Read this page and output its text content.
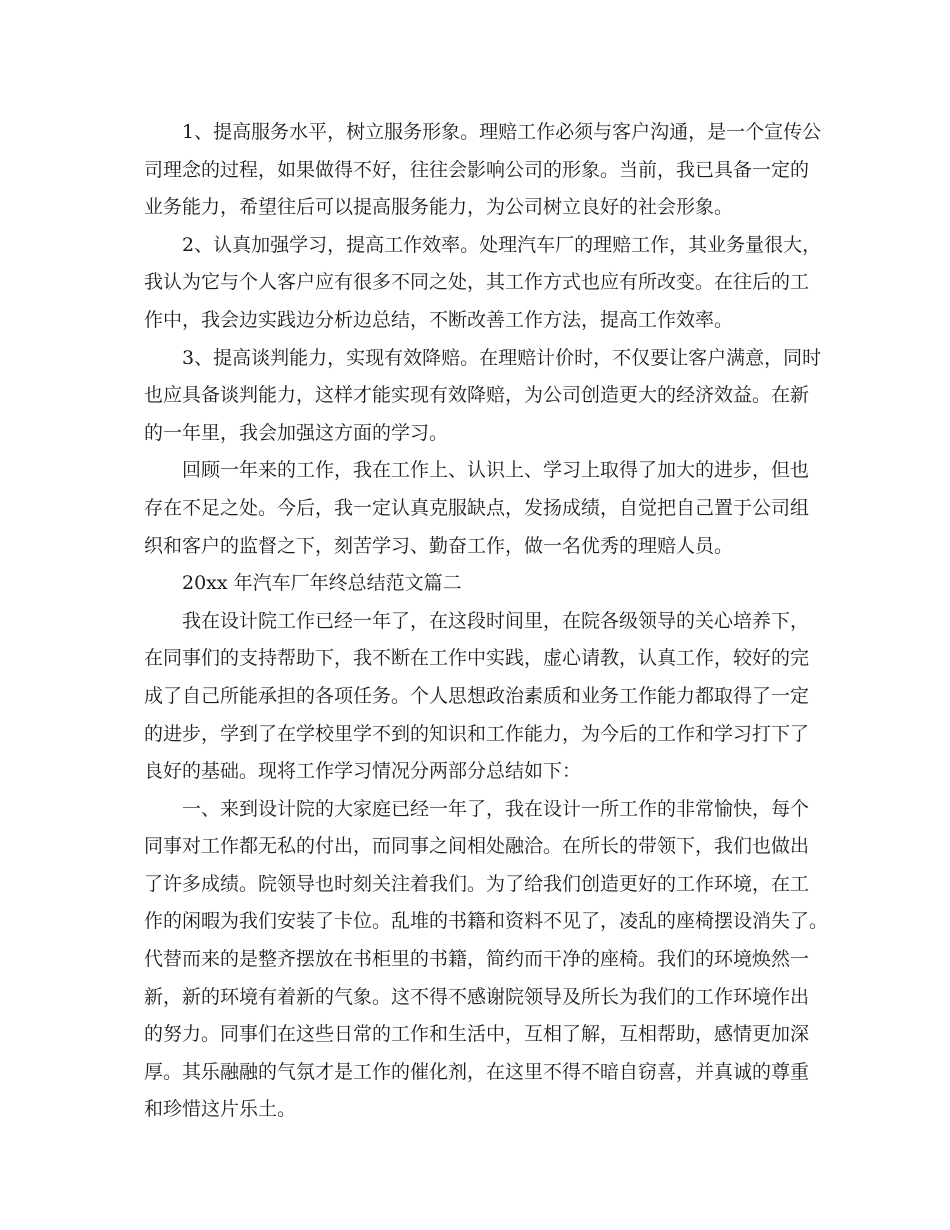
1、提高服务水平，树立服务形象。理赔工作必须与客户沟通，是一个宣传公
司理念的过程，如果做得不好，往往会影响公司的形象。当前，我已具备一定的
业务能力，希望往后可以提高服务能力，为公司树立良好的社会形象。
2、认真加强学习，提高工作效率。处理汽车厂的理赔工作，其业务量很大，
我认为它与个人客户应有很多不同之处，其工作方式也应有所改变。在往后的工
作中，我会边实践边分析边总结，不断改善工作方法，提高工作效率。
3、提高谈判能力，实现有效降赔。在理赔计价时，不仅要让客户满意，同时
也应具备谈判能力，这样才能实现有效降赔，为公司创造更大的经济效益。在新
的一年里，我会加强这方面的学习。
回顾一年来的工作，我在工作上、认识上、学习上取得了加大的进步，但也
存在不足之处。今后，我一定认真克服缺点，发扬成绩，自觉把自己置于公司组
织和客户的监督之下，刻苦学习、勤奋工作，做一名优秀的理赔人员。
20xx 年汽车厂年终总结范文篇二
我在设计院工作已经一年了，在这段时间里，在院各级领导的关心培养下，
在同事们的支持帮助下，我不断在工作中实践，虚心请教，认真工作，较好的完
成了自己所能承担的各项任务。个人思想政治素质和业务工作能力都取得了一定
的进步，学到了在学校里学不到的知识和工作能力，为今后的工作和学习打下了
良好的基础。现将工作学习情况分两部分总结如下：
一、来到设计院的大家庭已经一年了，我在设计一所工作的非常愉快，每个
同事对工作都无私的付出，而同事之间相处融洽。在所长的带领下，我们也做出
了许多成绩。院领导也时刻关注着我们。为了给我们创造更好的工作环境，在工
作的闲暇为我们安装了卡位。乱堆的书籍和资料不见了，凌乱的座椅摆设消失了。
代替而来的是整齐摆放在书柜里的书籍，简约而干净的座椅。我们的环境焕然一
新，新的环境有着新的气象。这不得不感谢院领导及所长为我们的工作环境作出
的努力。同事们在这些日常的工作和生活中，互相了解，互相帮助，感情更加深
厚。其乐融融的气氛才是工作的催化剂，在这里不得不暗自窃喜，并真诚的尊重
和珍惜这片乐土。
